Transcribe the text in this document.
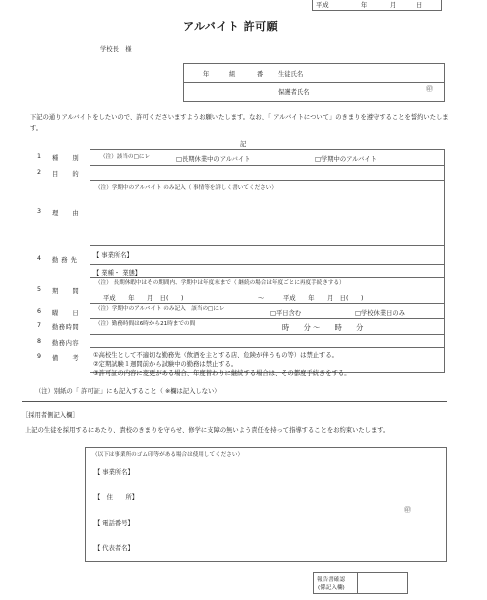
平成	年	月	日
アルバイト 許可願
学校長　様
年	組	番 生徒氏名
保護者氏名	㊞
下記の通りアルバイトをしたいので、許可くださいますようお願いたします。なお、「 アルバイトについて」のきまりを遵守することを誓約いたします。
記
1 種　　別	（注）該当の□にレ	□長期休業中のアルバイト	□学期中のアルバイト
2 目　　的
（注）学期中のアルバイト のみ記入（ 事情等を詳しく書いてください）
3 理　　由
4 勤 務 先
【 事業所名】
【 業種・ 業態】
（注） 長期休暇中はその期間内、学期中は年度末まで（ 継続の場合は年度ごとに再度手続きする）
5 期　　間
平成　　年　　月　日(　　)	～	平成　　年　　月　日(　　)
（注）学期中のアルバイト のみ記入　該当の□にレ
6 曜　　日	□平日含む	□学校休業日のみ
（注）勤務時間は6時から21時までの間
7 勤務時間	時　　分 ～　　時　　分
8 勤務内容
9 備　　考 ①高校生として不適切な勤務先（飲酒を主とする店、危険が伴うもの等）は禁止する。
②定期試験１週間前から試験中の勤務は禁止する。
③許可証の内容に変更がある場合、年度替わりに継続する場合は、その都度手続きをする。
（注）別紙の「 許可証」にも記入すること（ ※欄は記入しない）
［採用者側記入欄］
上記の生徒を採用するにあたり、貴校のきまりを守らせ、修学に支障の無いよう責任を持って指導することをお約束いたします。
（以下は事業所のゴム印等がある場合は使用してください）
【 事業所名】
【　住　　所】
【 電話番号】
【 代表者名】
㊞
報告書確認
(係記入欄)
